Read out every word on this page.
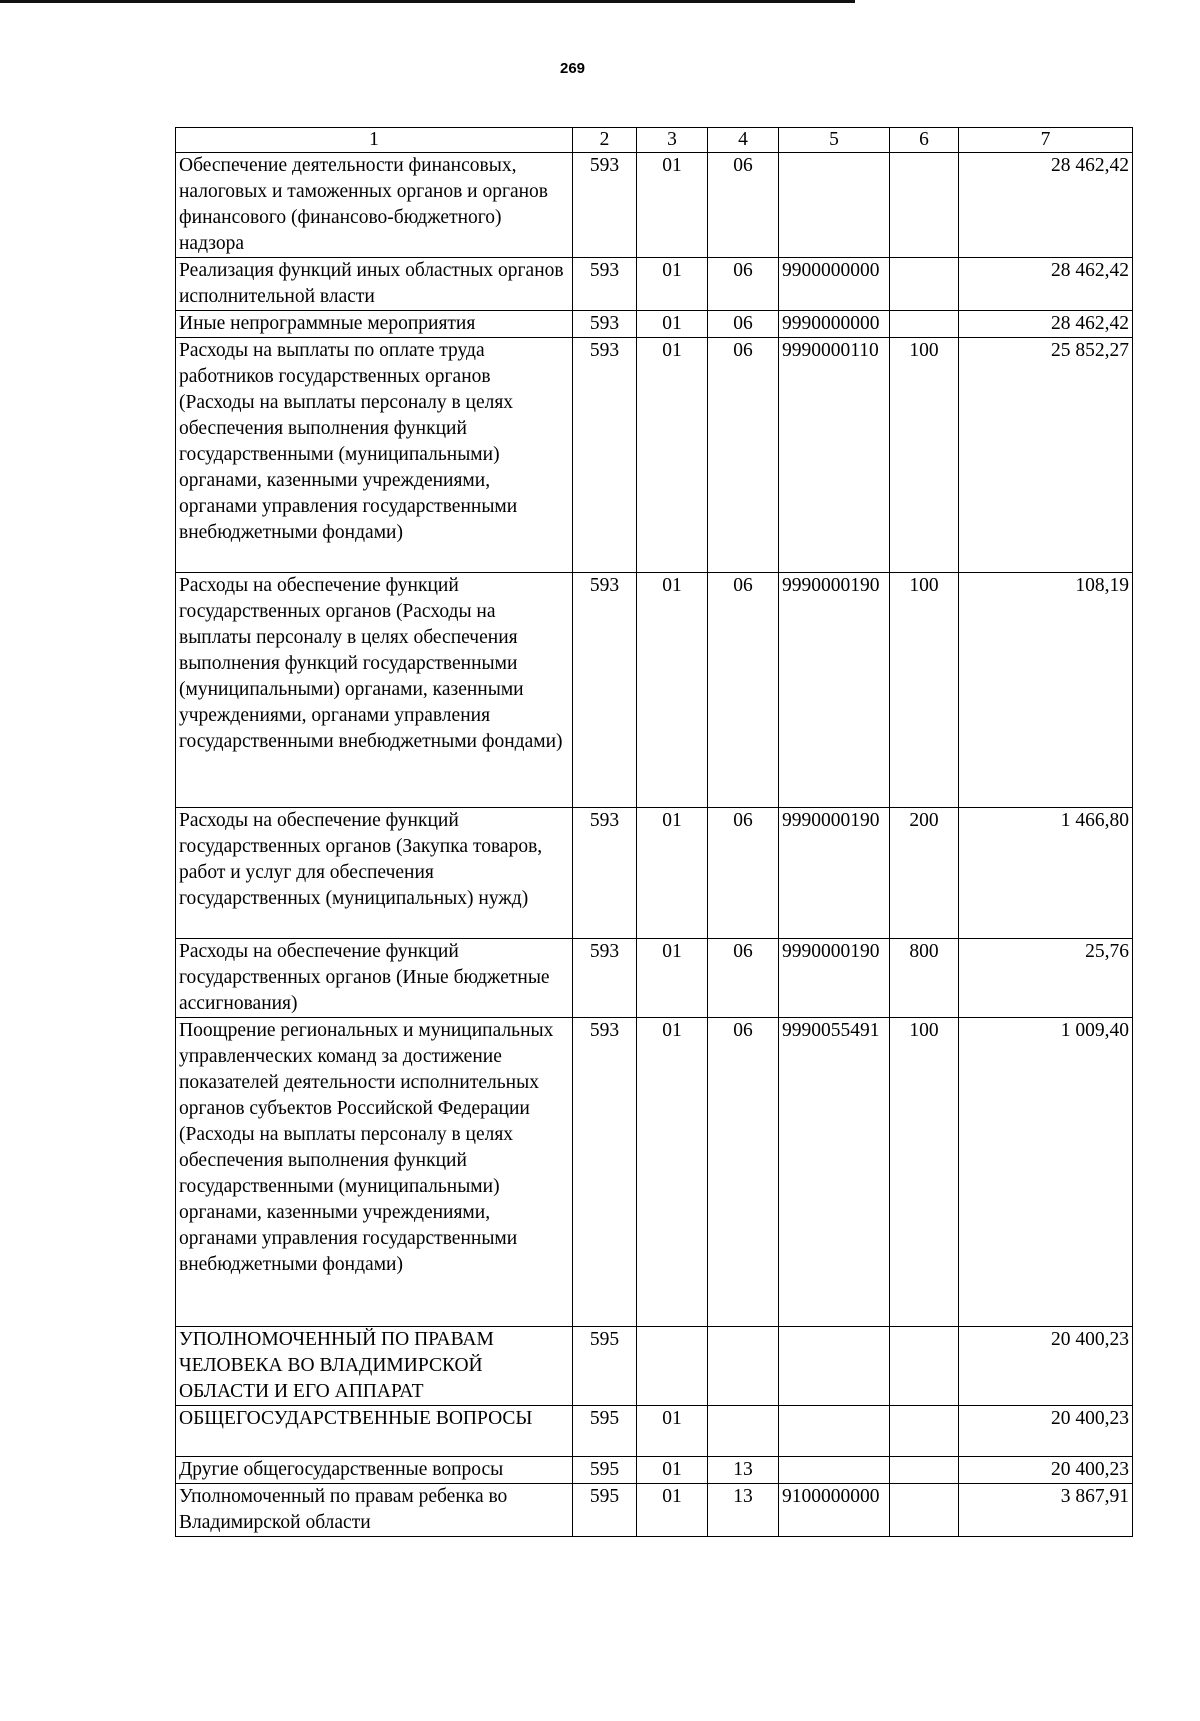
269
1	2	3	4	5	6	7
Обеспечение деятельности финансовых, налоговых и таможенных органов и органов финансового (финансово-бюджетного) надзора	593	01	06			28 462,42
Реализация функций иных областных органов исполнительной власти	593	01	06	9900000000		28 462,42
Иные непрограммные мероприятия	593	01	06	9990000000		28 462,42
Расходы на выплаты по оплате труда работников государственных органов (Расходы на выплаты персоналу в целях обеспечения выполнения функций государственными (муниципальными) органами, казенными учреждениями, органами управления государственными внебюджетными фондами)	593	01	06	9990000110	100	25 852,27
Расходы на обеспечение функций государственных органов (Расходы на выплаты персоналу в целях обеспечения выполнения функций государственными (муниципальными) органами, казенными учреждениями, органами управления государственными внебюджетными фондами)	593	01	06	9990000190	100	108,19
Расходы на обеспечение функций государственных органов (Закупка товаров, работ и услуг для обеспечения государственных (муниципальных) нужд)	593	01	06	9990000190	200	1 466,80
Расходы на обеспечение функций государственных органов (Иные бюджетные ассигнования)	593	01	06	9990000190	800	25,76
Поощрение региональных и муниципальных управленческих команд за достижение показателей деятельности исполнительных органов субъектов Российской Федерации (Расходы на выплаты персоналу в целях обеспечения выполнения функций государственными (муниципальными) органами, казенными учреждениями, органами управления государственными внебюджетными фондами)	593	01	06	9990055491	100	1 009,40
УПОЛНОМОЧЕННЫЙ ПО ПРАВАМ ЧЕЛОВЕКА ВО ВЛАДИМИРСКОЙ ОБЛАСТИ И ЕГО АППАРАТ	595					20 400,23
ОБЩЕГОСУДАРСТВЕННЫЕ ВОПРОСЫ	595	01				20 400,23
Другие общегосударственные вопросы	595	01	13			20 400,23
Уполномоченный по правам ребенка во Владимирской области	595	01	13	9100000000		3 867,91
